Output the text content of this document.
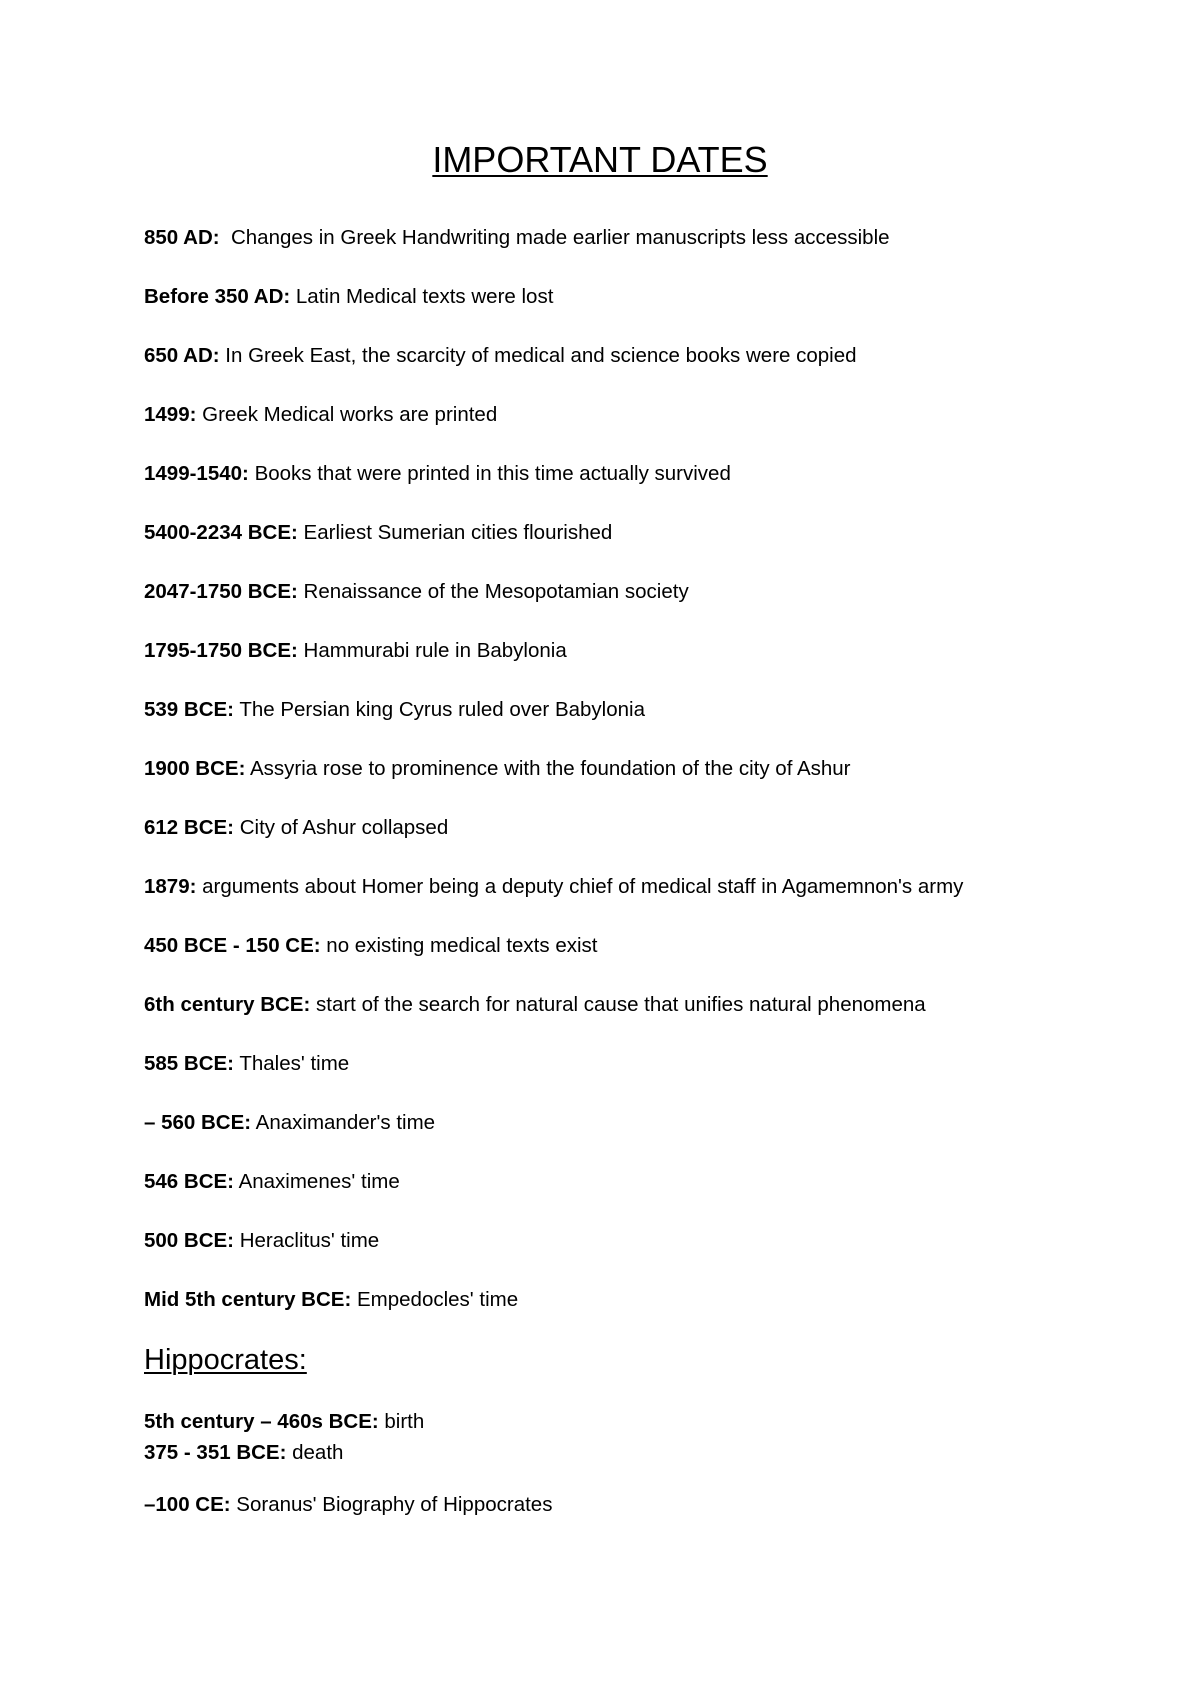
IMPORTANT DATES

850 AD:  Changes in Greek Handwriting made earlier manuscripts less accessible

Before 350 AD: Latin Medical texts were lost

650 AD: In Greek East, the scarcity of medical and science books were copied

1499: Greek Medical works are printed

1499-1540: Books that were printed in this time actually survived

5400-2234 BCE: Earliest Sumerian cities flourished

2047-1750 BCE: Renaissance of the Mesopotamian society

1795-1750 BCE: Hammurabi rule in Babylonia

539 BCE: The Persian king Cyrus ruled over Babylonia

1900 BCE: Assyria rose to prominence with the foundation of the city of Ashur

612 BCE: City of Ashur collapsed

1879: arguments about Homer being a deputy chief of medical staff in Agamemnon's army

450 BCE - 150 CE: no existing medical texts exist

6th century BCE: start of the search for natural cause that unifies natural phenomena

585 BCE: Thales' time

– 560 BCE: Anaximander's time

546 BCE: Anaximenes' time

500 BCE: Heraclitus' time

Mid 5th century BCE: Empedocles' time

Hippocrates:

5th century – 460s BCE: birth

375 - 351 BCE: death

–100 CE: Soranus' Biography of Hippocrates
